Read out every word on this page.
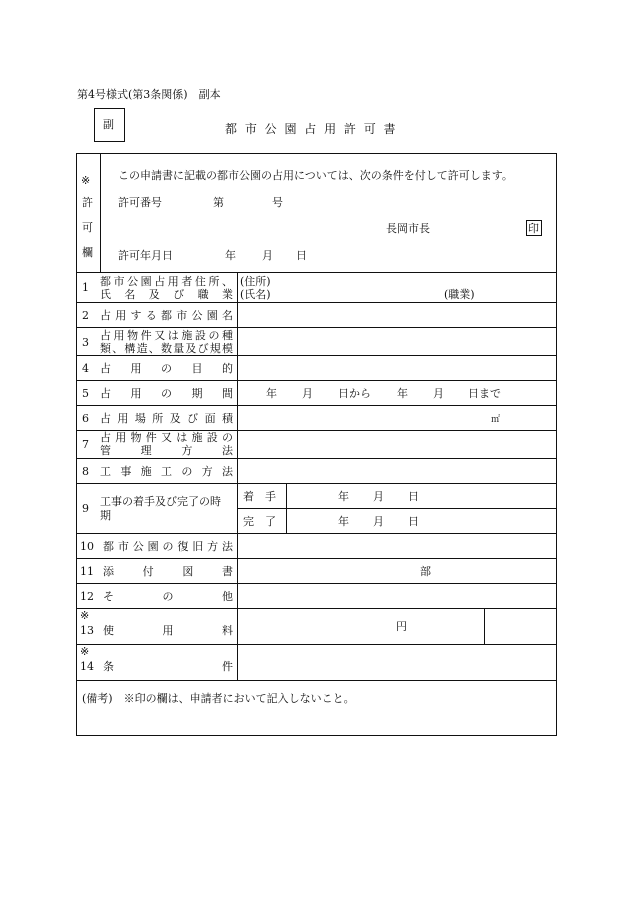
第4号様式(第3条関係)　副本
副	都 市 公 園 占 用 許 可 書
※
許
可
欄
この申請書に記載の都市公園の占用については、次の条件を付して許可します。
許可番号	第	号
長岡市長	印
許可年月日	年 月 日
1 都市公園占用者住所、
氏　名　及　び　職　業
(住所)
(氏名)	(職業)
2 占用する都市公園名
3
占用物件又は施設の種
類、構造、数量及び規模
4 占　用　の　目　的
5 占　用　の　期　間	年 月 日から 年 月 日まで
6 占用場所及び面積	㎡
7
占用物件又は施設の
管　理　方　法
8 工事施工の方法
9
工事の着手及び完了の時
期
着　手	年 月 日
完　了	年 月 日
10 都市公園の復旧方法
11 添　付　図　書	部
12 そ　　の　　他
※
13 使　　用　　料	円
※
14 条　　　　　件
(備考)　※印の欄は、申請者において記入しないこと。
